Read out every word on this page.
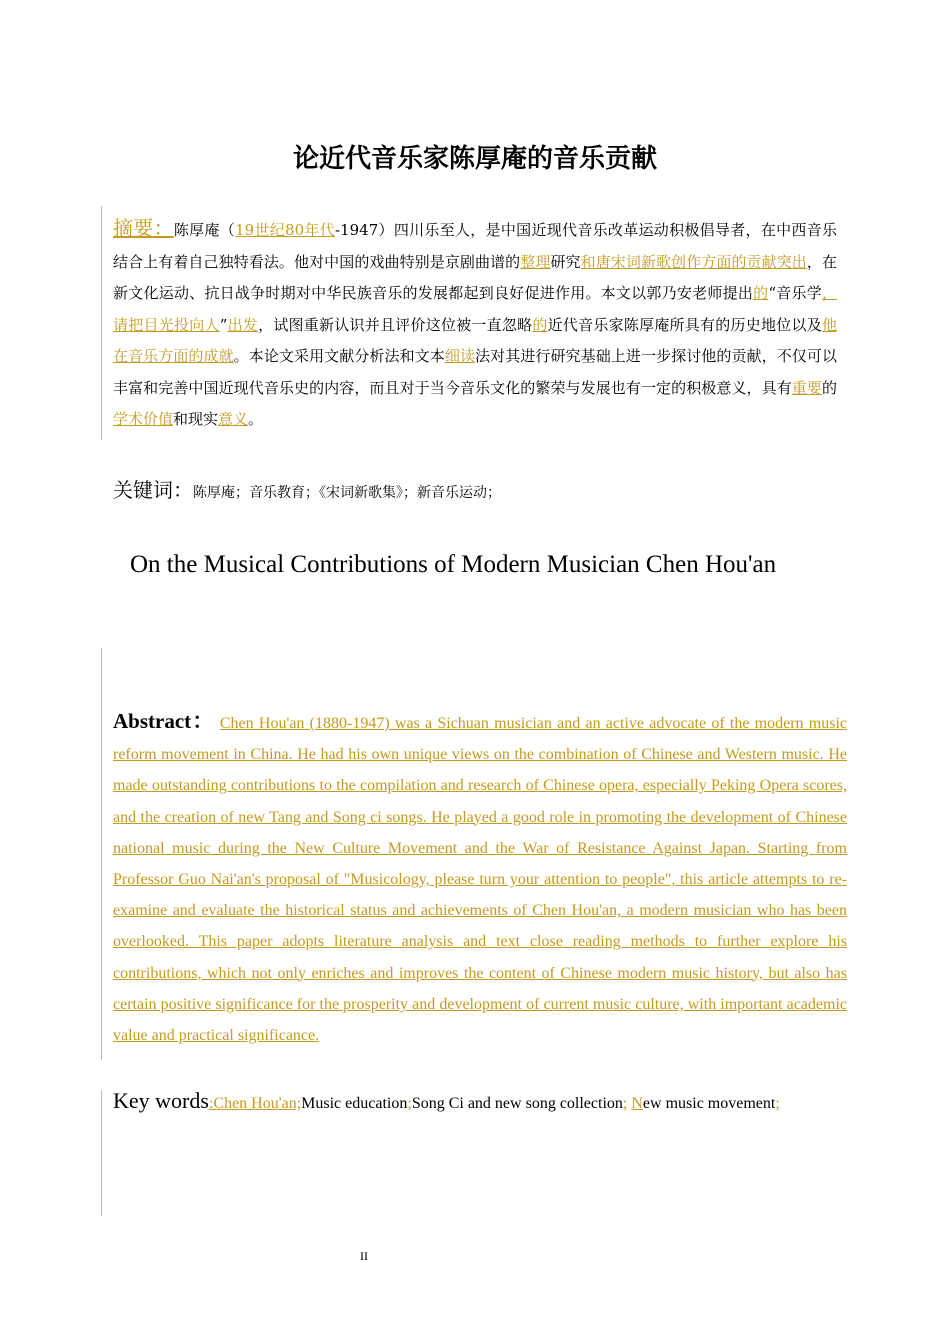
论近代音乐家陈厚庵的音乐贡献
摘要：陈厚庵（19世纪80年代-1947）四川乐至人，是中国近现代音乐改革运动积极倡导者，在中西音乐结合上有着自己独特看法。他对中国的戏曲特别是京剧曲谱的整理研究和唐宋词新歌创作方面的贡献突出，在新文化运动、抗日战争时期对中华民族音乐的发展都起到良好促进作用。本文以郭乃安老师提出的“音乐学，请把目光投向人”出发，试图重新认识并且评价这位被一直忽略的近代音乐家陈厚庵所具有的历史地位以及他在音乐方面的成就。本论文采用文献分析法和文本细读法对其进行研究基础上进一步探讨他的贡献，不仅可以丰富和完善中国近现代音乐史的内容，而且对于当今音乐文化的繁荣与发展也有一定的积极意义，具有重要的学术价值和现实意义。
关键词：陈厚庵；音乐教育；《宋词新歌集》；新音乐运动；
On the Musical Contributions of Modern Musician Chen Hou'an
Abstract： Chen Hou'an (1880-1947) was a Sichuan musician and an active advocate of the modern music reform movement in China. He had his own unique views on the combination of Chinese and Western music. He made outstanding contributions to the compilation and research of Chinese opera, especially Peking Opera scores, and the creation of new Tang and Song ci songs. He played a good role in promoting the development of Chinese national music during the New Culture Movement and the War of Resistance Against Japan. Starting from Professor Guo Nai'an's proposal of "Musicology, please turn your attention to people", this article attempts to re-examine and evaluate the historical status and achievements of Chen Hou'an, a modern musician who has been overlooked. This paper adopts literature analysis and text close reading methods to further explore his contributions, which not only enriches and improves the content of Chinese modern music history, but also has certain positive significance for the prosperity and development of current music culture, with important academic value and practical significance.
Key words:Chen Hou'an;Music education;Song Ci and new song collection; New music movement;
II
